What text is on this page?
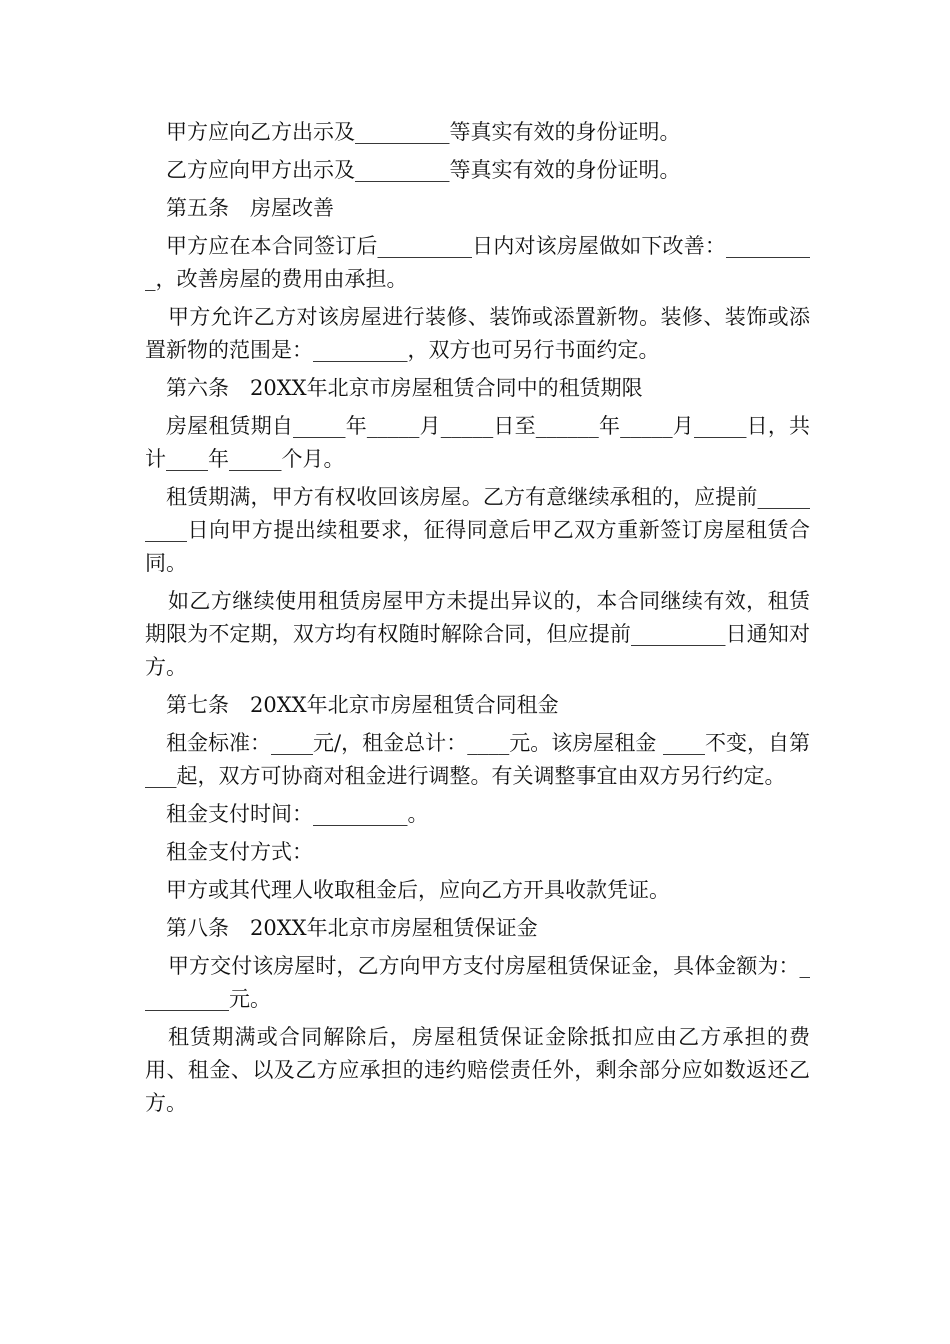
甲方应向乙方出示及_________等真实有效的身份证明。

乙方应向甲方出示及_________等真实有效的身份证明。

第五条　房屋改善

甲方应在本合同签订后_________日内对该房屋做如下改善：_________，改善房屋的费用由承担。

甲方允许乙方对该房屋进行装修、装饰或添置新物。装修、装饰或添置新物的范围是：_________，双方也可另行书面约定。

第六条　20XX年北京市房屋租赁合同中的租赁期限

房屋租赁期自_____年_____月_____日至______年_____月_____日，共计____年_____个月。

租赁期满，甲方有权收回该房屋。乙方有意继续承租的，应提前_________日向甲方提出续租要求，征得同意后甲乙双方重新签订房屋租赁合同。

如乙方继续使用租赁房屋甲方未提出异议的，本合同继续有效，租赁期限为不定期，双方均有权随时解除合同，但应提前_________日通知对方。

第七条　20XX年北京市房屋租赁合同租金

租金标准：____元/，租金总计：____元。该房屋租金 ____不变，自第___起，双方可协商对租金进行调整。有关调整事宜由双方另行约定。

租金支付时间：_________。

租金支付方式：

甲方或其代理人收取租金后，应向乙方开具收款凭证。

第八条　20XX年北京市房屋租赁保证金

甲方交付该房屋时，乙方向甲方支付房屋租赁保证金，具体金额为：_________元。

租赁期满或合同解除后，房屋租赁保证金除抵扣应由乙方承担的费用、租金、以及乙方应承担的违约赔偿责任外，剩余部分应如数返还乙方。
